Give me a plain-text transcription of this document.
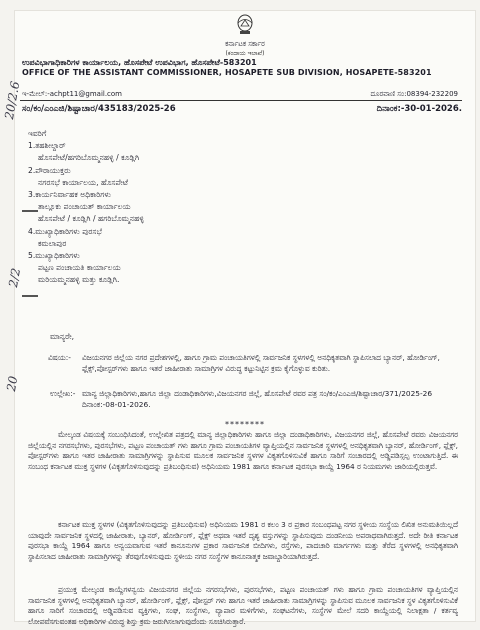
ಕರ್ನಾಟಕ ಸರ್ಕಾರ
(ಕಂದಾಯ ಇಲಾಖೆ)
ಉಪವಿಭಾಗಾಧಿಕಾರಿಗಳ ಕಾರ್ಯಾಲಯ, ಹೊಸಪೇಟೆ ಉಪವಿಭಾಗ, ಹೊಸಪೇಟೆ-583201
OFFICE OF THE ASSISTANT COMMISSIONER, HOSAPETE SUB DIVISION, HOSAPETE-583201
ಇ-ಮೇಲ್:-achpt11@gmail.com	ದೂರವಾಣಿ ಸಂ:08394-232209
ಸಂ/ಕಂ/ಎಂಎಜಿ/ಶಿಷ್ಟಾಚಾರ/435183/2025-26	ದಿನಾಂಕ:-30-01-2026.
ಇವರಿಗೆ
1.ತಹಶೀಲ್ದಾರ್
ಹೊಸಪೇಟೆ/ಹಗರಿಬೊಮ್ಮನಹಳ್ಳಿ / ಕೂಡ್ಲಿಗಿ
2.ಪೌರಾಯುಕ್ತರು
ನಗರಸಭೆ ಕಾರ್ಯಾಲಯ, ಹೊಸಪೇಟೆ
3.ಕಾರ್ಯನಿರ್ವಾಹಕ ಅಧಿಕಾರಿಗಳು
ತಾಲ್ಲೂಕು ಪಂಚಾಯತ್ ಕಾರ್ಯಾಲಯ
ಹೊಸಪೇಟೆ / ಕೂಡ್ಲಿಗಿ / ಹಗರಿಬೊಮ್ಮನಹಳ್ಳಿ
4.ಮುಖ್ಯಾಧಿಕಾರಿಗಳು ಪುರಸಭೆ
ಕಮಲಾಪುರ
5.ಮುಖ್ಯಾಧಿಕಾರಿಗಳು
ಪಟ್ಟಣ ಪಂಚಾಯತಿ ಕಾರ್ಯಾಲಯ
ಮರಿಯಮ್ಮನಹಳ್ಳಿ ಮತ್ತು ಕೂಡ್ಲಿಗಿ.
ಮಾನ್ಯರೇ,
ವಿಷಯ:- ವಿಜಯನಗರ ಜಿಲ್ಲೆಯ ನಗರ ಪ್ರದೇಶಗಳಲ್ಲಿ, ಹಾಗೂ ಗ್ರಾಮ ಪಂಚಾಯತಿಗಳಲ್ಲಿ ಸಾರ್ವಜನಿಕ ಸ್ಥಳಗಳಲ್ಲಿ ಅನಧಿಕೃತವಾಗಿ ಸ್ಥಾಪಿಸಲಾದ ಬ್ಯಾನರ್, ಹೋರ್ಡಿಂಗ್, ಫ್ಲೆಕ್ಸ್,ಪೋಸ್ಟರ್‌ಗಳು ಹಾಗೂ ಇತರೆ ಜಾಹೀರಾತು ಸಾಮಾಗ್ರಿಗಳ ವಿರುದ್ಧ ಕಟ್ಟುನಿಟ್ಟಿನ ಕ್ರಮ ಕೈಗೊಳ್ಳುವ ಕುರಿತು.
ಉಲ್ಲೇಖ:- ಮಾನ್ಯ ಜಿಲ್ಲಾಧಿಕಾರಿಗಳು,ಹಾಗೂ ಜಿಲ್ಲಾ ದಂಡಾಧಿಕಾರಿಗಳು,ವಿಜಯನಗರ ಜಿಲ್ಲೆ, ಹೊಸಪೇಟೆ ರವರ ಪತ್ರ ಸಂ/ಕಂ/ಎಂಎಜಿ/ಶಿಷ್ಟಾಚಾರ/371/2025-26 ದಿನಾಂಕ:-08-01-2026.
********
ಮೇಲ್ಕಂಡ ವಿಷಯಕ್ಕೆ ಸಂಬಂಧಿಸಿದಂತೆ, ಉಲ್ಲೇಖಿತ ಪತ್ರದಲ್ಲಿ ಮಾನ್ಯ ಜಿಲ್ಲಾಧಿಕಾರಿಗಳು ಹಾಗೂ ಜಿಲ್ಲಾ ದಂಡಾಧಿಕಾರಿಗಳು, ವಿಜಯನಗರ ಜಿಲ್ಲೆ, ಹೊಸಪೇಟೆ ರವರು ವಿಜಯನಗರ ಜಿಲ್ಲೆಯಲ್ಲಿನ ನಗರಸಭೆಗಳು, ಪುರಸಭೆಗಳು, ಪಟ್ಟಣ ಪಂಚಾಯತ್ ಗಳು ಹಾಗೂ ಗ್ರಾಮ ಪಂಚಾಯತಿಗಳ ವ್ಯಾಪ್ತಿಯಲ್ಲಿನ ಸಾರ್ವಜನಿಕ ಸ್ಥಳಗಳಲ್ಲಿ ಅನಧಿಕೃತವಾಗಿ ಬ್ಯಾನರ್, ಹೋರ್ಡಿಂಗ್, ಫ್ಲೆಕ್ಸ್, ಪೋಸ್ಟರ್‌ಗಳು ಹಾಗೂ ಇತರ ಜಾಹೀರಾತು ಸಾಮಾಗ್ರಿಗಳನ್ನು ಸ್ಥಾಪಿಸುವ ಮೂಲಕ ಸಾರ್ವಜನಿಕ ಸ್ಥಳಗಳ ವಿಕೃತಗೊಳಿಸುವಿಕೆ ಹಾಗೂ ಸಾರಿಗೆ ಸಂಚಾರದಲ್ಲಿ ಅಡ್ಡಿಪಡಿಸ್ಸಲ್ಪ ಉಂಟಾಗುತ್ತಿದೆ. ಈ ಸಂಬಂಧ ಕರ್ನಾಟಕ ಮುಕ್ತ ಸ್ಥಳಗಳ (ವಿಕೃತಗೊಳಿಸುವುದನ್ನು ಪ್ರತಿಬಂಧಿಸುವ) ಅಧಿನಿಯಮ 1981 ಹಾಗೂ ಕರ್ನಾಟಕ ಪುರಸಭಾ ಕಾಯ್ದೆ 1964 ರ ನಿಯಮಗಳು ಜಾರಿಯಲ್ಲಿರುತ್ತವೆ.
ಕರ್ನಾಟಕ ಮುಕ್ತ ಸ್ಥಳಗಳ (ವಿಕೃತಗೊಳಿಸುವುದನ್ನು ಪ್ರತಿಬಂಧಿಸುವ) ಅಧಿನಿಯಮ 1981 ರ ಕಲಂ 3 ರ ಪ್ರಕಾರ ಸಂಬಂಧಪಟ್ಟ ನಗರ ಸ್ಥಳೀಯ ಸಂಸ್ಥೆಯ ಲಿಖಿತ ಅನುಮತಿಯಿಲ್ಲದೆ ಯಾವುದೇ ಸಾರ್ವಜನಿಕ ಸ್ಥಳದಲ್ಲಿ ಜಾಹೀರಾತು, ಬ್ಯಾನರ್, ಹೋರ್ಡಿಂಗ್, ಫ್ಲೆಕ್ಸ್ ಅಥವಾ ಇತರೆ ದೃಶ್ಯ ವಸ್ತುಗಳನ್ನು ಸ್ಥಾಪಿಸುವುದು ದಂಡನೀಯ ಅಪರಾಧವಾಗಿರುತ್ತದೆ. ಅದೇ ರೀತಿ ಕರ್ನಾಟಕ ಪುರಸಭಾ ಕಾಯ್ದೆ 1964 ಹಾಗೂ ಅನ್ವಯವಾಗುವ ಇತರೆ ಕಾನೂನುಗಳ ಪ್ರಕಾರ ಸಾರ್ವಜನಿಕ ಬೀದಿಗಳು, ರಸ್ತೆಗಳು, ಪಾದಚಾರಿ ಮಾರ್ಗಗಳು ಮತ್ತು ತೆರೆದ ಸ್ಥಳಗಳಲ್ಲಿ ಅನಧಿಕೃತವಾಗಿ ಸ್ಥಾಪಿಸಲಾದ ಜಾಹೀರಾತು ಸಾಮಾಗ್ರಿಗಳನ್ನು ತೆರವುಗೊಳಿಸುವುದು ಸ್ಥಳೀಯ ನಗರ ಸಂಸ್ಥೆಗಳ ಕಾನೂನಾತ್ಮಕ ಜವಾಬ್ದಾರಿಯಾಗಿರುತ್ತದೆ.
ಪ್ರಯುಕ್ತ ಮೇಲ್ಕಂಡ ಕಾಯ್ದೆಗಳನ್ವಯ ವಿಜಯನಗರ ಜಿಲ್ಲೆಯ ನಗರಸಭೆಗಳು, ಪುರಸಭೆಗಳು, ಪಟ್ಟಣ ಪಂಚಾಯತ್ ಗಳು ಹಾಗೂ ಗ್ರಾಮ ಪಂಚಾಯತಿಗಳ ವ್ಯಾಪ್ತಿಯಲ್ಲಿನ ಸಾರ್ವಜನಿಕ ಸ್ಥಳಗಳಲ್ಲಿ ಅನಧಿಕೃತವಾಗಿ ಬ್ಯಾನರ್, ಹೋರ್ಡಿಂಗ್, ಫ್ಲೆಕ್ಸ್, ಪೋಸ್ಟರ್ ಗಳು ಹಾಗೂ ಇತರೆ ಜಾಹೀರಾತು ಸಾಮಾಗ್ರಿಗಳನ್ನು ಸ್ಥಾಪಿಸುವ ಮೂಲಕ ಸಾರ್ವಜನಿಕ ಸ್ಥಳ ವಿಕೃತಗೊಳಿಸುವಿಕೆ ಹಾಗೂ ಸಾರಿಗೆ ಸಂಚಾರದಲ್ಲಿ ಅಡ್ಡಿಪಡಿಸುವ ವ್ಯಕ್ತಿಗಳು, ಸಂಘ, ಸಂಸ್ಥೆಗಳು, ವ್ಯಾಪಾರ ಮಳಿಗೆಗಳು, ಸಂಘಟನೆಗಳು, ಸಂಸ್ಥೆಗಳ ಮೇಲೆ ಸದರಿ ಕಾಯ್ದೆಯಲ್ಲಿ ನಿಲಾಕ್ಷತಾ / ಕರ್ತವ್ಯ ಲೋಪವೆಸಗುವಂತಹ ಅಧಿಕಾರಿಗಳ ವಿರುದ್ಧ ಶಿಸ್ತು ಕ್ರಮ ಜರುಗಿಸಲಾಗುವುದೆಂದು ಸೂಚಿಸಿರುತ್ತಾರೆ.
20/2.6
2/2
20
